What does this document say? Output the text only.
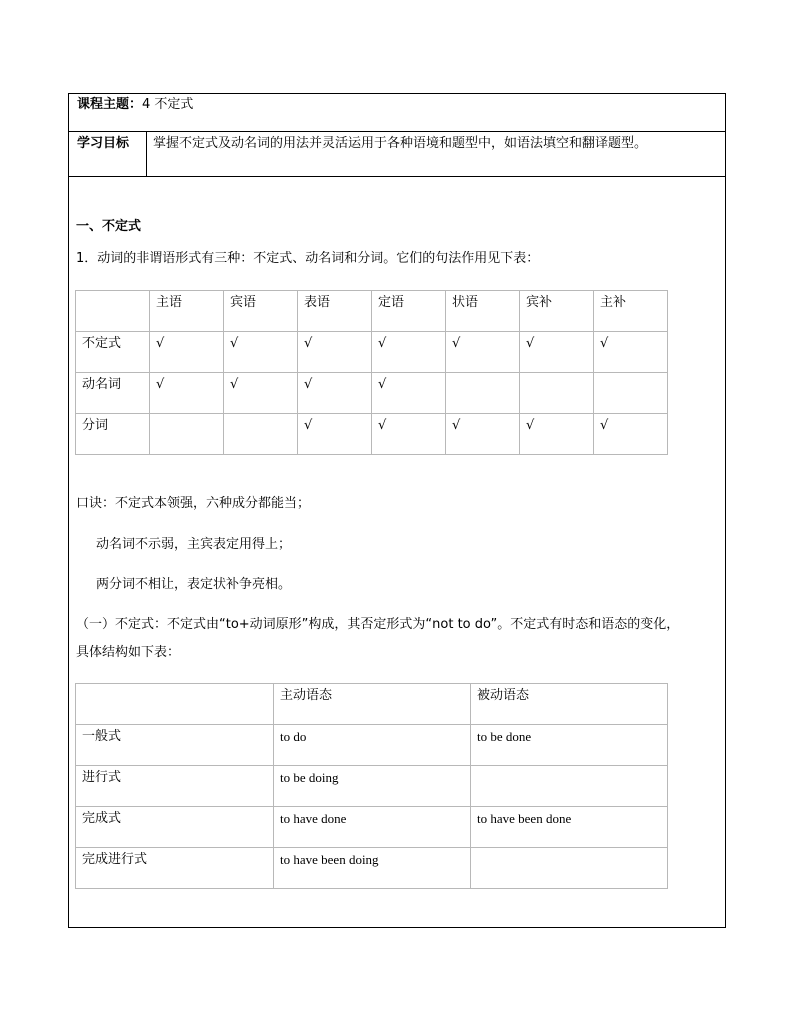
课程主题：4 不定式
学习目标 掌握不定式及动名词的用法并灵活运用于各种语境和题型中，如语法填空和翻译题型。
一、不定式
1．动词的非谓语形式有三种：不定式、动名词和分词。它们的句法作用见下表：

	主语	宾语	表语	定语	状语	宾补	主补

不定式	√	√	√	√	√	√	√

动名词	√	√	√	√			

分词			√	√	√	√	√
口诀：不定式本领强，六种成分都能当；
动名词不示弱，主宾表定用得上；
两分词不相让，表定状补争亮相。
（一）不定式：不定式由“to+动词原形”构成，其否定形式为“not to do”。不定式有时态和语态的变化，
具体结构如下表：

	主动语态	被动语态

一般式	to do	to be done

进行式	to be doing	

完成式	to have done	to have been done

完成进行式	to have been doing	
